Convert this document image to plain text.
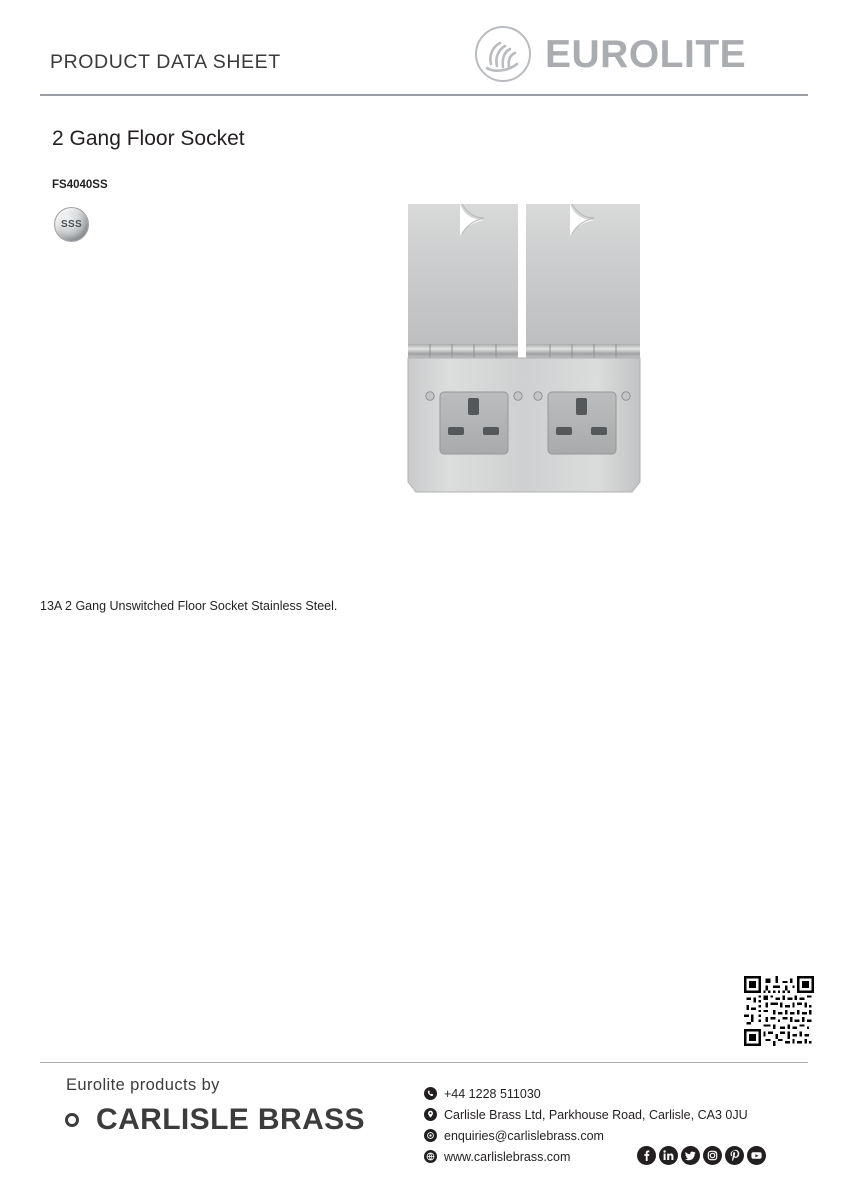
PRODUCT DATA SHEET	EUROLITE
2 Gang Floor Socket
FS4040SS
SSS
13A 2 Gang Unswitched Floor Socket Stainless Steel.
Eurolite products by
CARLISLE BRASS
+44 1228 511030
Carlisle Brass Ltd, Parkhouse Road, Carlisle, CA3 0JU
enquiries@carlislebrass.com
www.carlislebrass.com
